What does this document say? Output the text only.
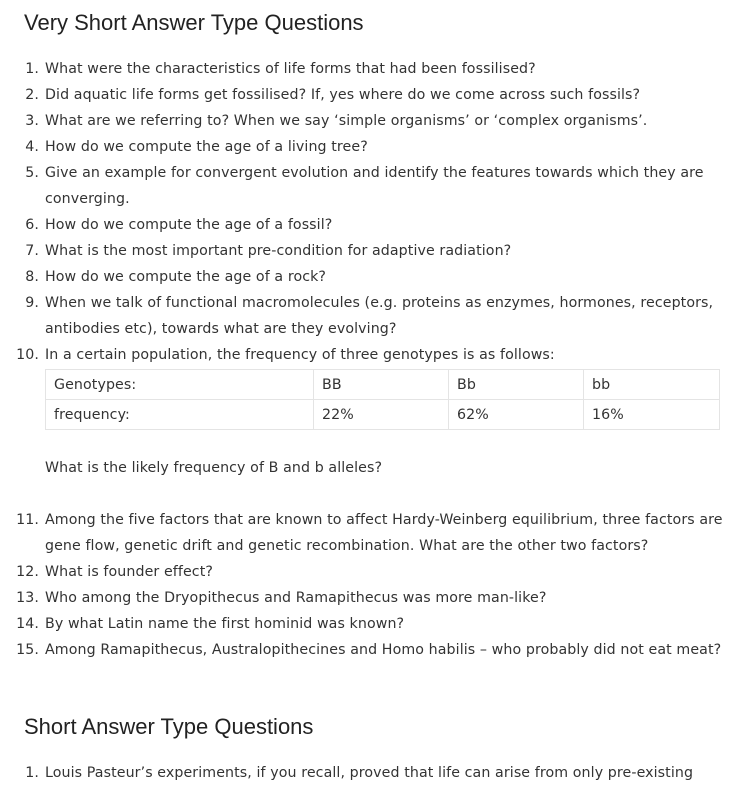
Very Short Answer Type Questions
1. What were the characteristics of life forms that had been fossilised?
2. Did aquatic life forms get fossilised? If, yes where do we come across such fossils?
3. What are we referring to? When we say ‘simple organisms’ or ‘complex organisms’.
4. How do we compute the age of a living tree?
5. Give an example for convergent evolution and identify the features towards which they are converging.
6. How do we compute the age of a fossil?
7. What is the most important pre-condition for adaptive radiation?
8. How do we compute the age of a rock?
9. When we talk of functional macromolecules (e.g. proteins as enzymes, hormones, receptors, antibodies etc), towards what are they evolving?
10. In a certain population, the frequency of three genotypes is as follows:
Genotypes:	BB	Bb	bb
frequency:	22%	62%	16%
What is the likely frequency of B and b alleles?
11. Among the five factors that are known to affect Hardy-Weinberg equilibrium, three factors are gene flow, genetic drift and genetic recombination. What are the other two factors?
12. What is founder effect?
13. Who among the Dryopithecus and Ramapithecus was more man-like?
14. By what Latin name the first hominid was known?
15. Among Ramapithecus, Australopithecines and Homo habilis – who probably did not eat meat?
Short Answer Type Questions
1. Louis Pasteur’s experiments, if you recall, proved that life can arise from only pre-existing
